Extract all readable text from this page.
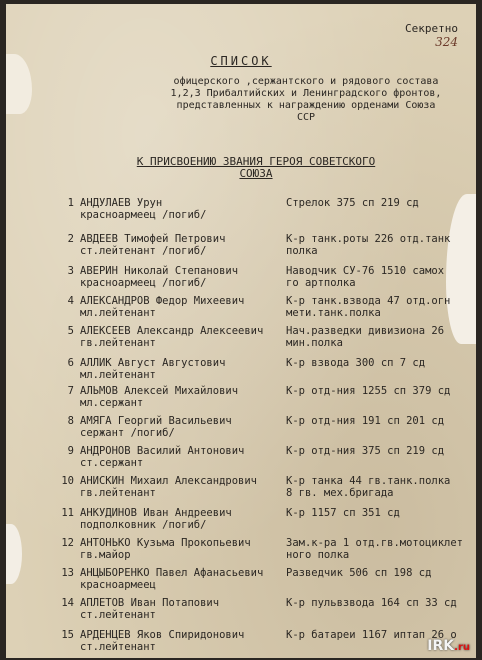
Секретно
324
СПИСОК
офицерского ,сержантского и рядового состава
1,2,3 Прибалтийских и Ленинградского фронтов,
представленных к награждению орденами Союза
ССР
К ПРИСВОЕНИЮ ЗВАНИЯ ГЕРОЯ СОВЕТСКОГО
СОЮЗА
1 АНДУЛАЕВ Урун
красноармеец /погиб/
Стрелок 375 сп 219 сд
2 АВДЕЕВ Тимофей Петрович
ст.лейтенант /погиб/
К-р танк.роты 226 отд.танк
полка
3 АВЕРИН Николай Степанович
красноармеец /погиб/
Наводчик СУ-76 1510 самох
го артполка
4 АЛЕКСАНДРОВ Федор Михеевич
мл.лейтенант
К-р танк.взвода 47 отд.огн
мети.танк.полка
5 АЛЕКСЕЕВ Александр Алексеевич
гв.лейтенант
Нач.разведки дивизиона 26
мин.полка
6 АЛЛИК Август Августович
мл.лейтенант
К-р взвода 300 сп 7 сд
7 АЛЬМОВ Алексей Михайлович
мл.сержант
К-р отд-ния 1255 сп 379 сд
8 АМЯГА Георгий Васильевич
сержант /погиб/
К-р отд-ния 191 сп 201 сд
9 АНДРОНОВ Василий Антонович
ст.сержант
К-р отд-ния 375 сп 219 сд
10 АНИСКИН Михаил Александрович
гв.лейтенант
К-р танка 44 гв.танк.полка
8 гв. мех.бригада
11 АНКУДИНОВ Иван Андреевич
подполковник /погиб/
К-р 1157 сп 351 сд
12 АНТОНЬКО Кузьма Прокопьевич
гв.майор
Зам.к-ра 1 отд.гв.мотоциклет
ного полка
13 АНЦЫБОРЕНКО Павел Афанасьевич
красноармеец
Разведчик 506 сп 198 сд
14 АПЛЕТОВ Иван Потапович
ст.лейтенант
К-р пульвзвода 164 сп 33 сд
15 АРДЕНЦЕВ Яков Спиридонович
ст.лейтенант
К-р батареи 1167 иптап 26 о
IRK.ru
